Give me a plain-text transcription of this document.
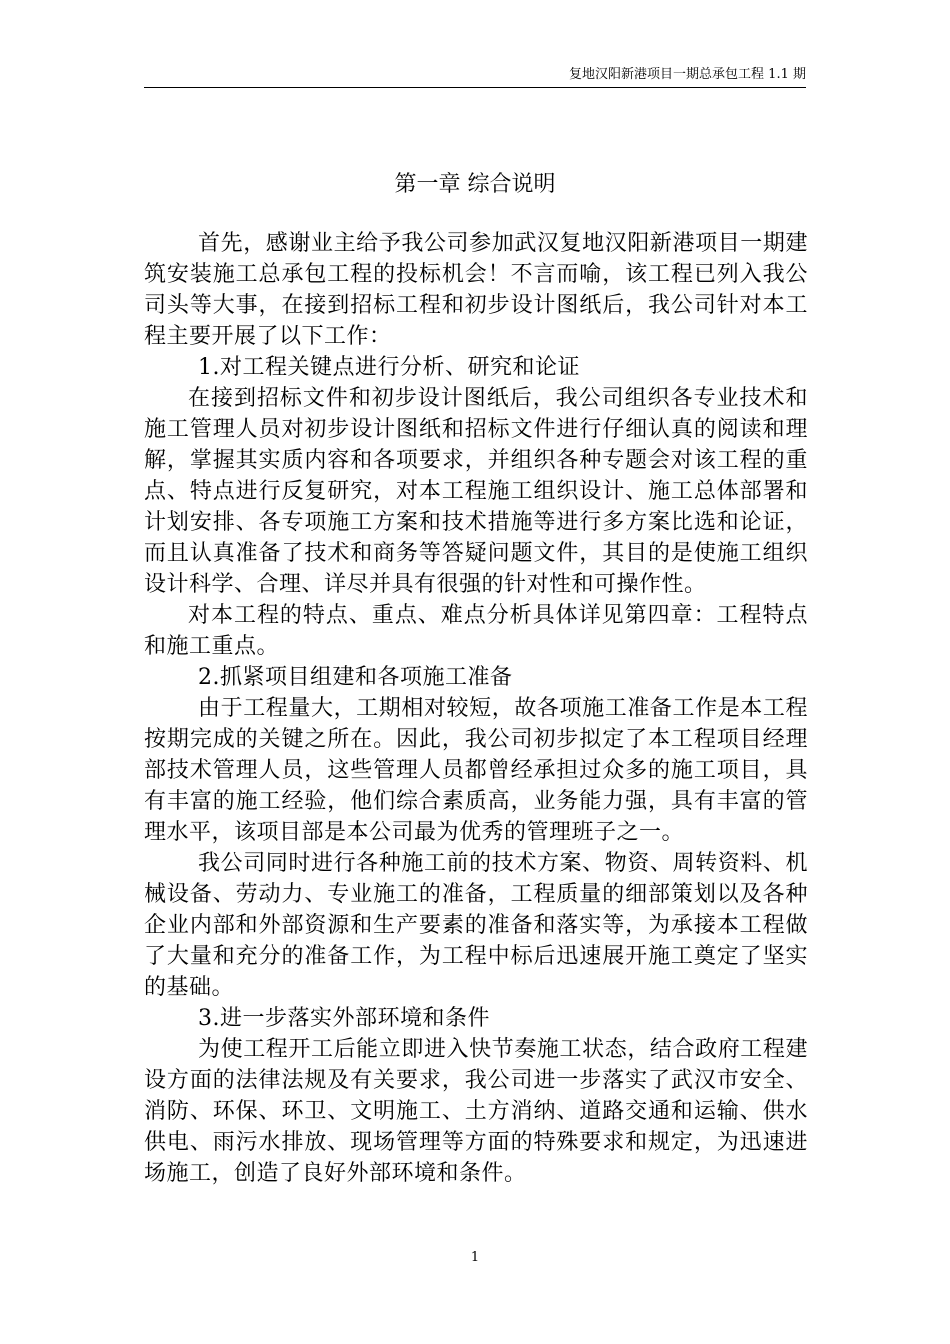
复地汉阳新港项目一期总承包工程 1.1 期
第一章 综合说明

首先，感谢业主给予我公司参加武汉复地汉阳新港项目一期建筑安装施工总承包工程的投标机会！不言而喻，该工程已列入我公司头等大事，在接到招标工程和初步设计图纸后，我公司针对本工程主要开展了以下工作：

1.对工程关键点进行分析、研究和论证

在接到招标文件和初步设计图纸后，我公司组织各专业技术和施工管理人员对初步设计图纸和招标文件进行仔细认真的阅读和理解，掌握其实质内容和各项要求，并组织各种专题会对该工程的重点、特点进行反复研究，对本工程施工组织设计、施工总体部署和计划安排、各专项施工方案和技术措施等进行多方案比选和论证，而且认真准备了技术和商务等答疑问题文件，其目的是使施工组织设计科学、合理、详尽并具有很强的针对性和可操作性。

对本工程的特点、重点、难点分析具体详见第四章：工程特点和施工重点。

2.抓紧项目组建和各项施工准备

由于工程量大，工期相对较短，故各项施工准备工作是本工程按期完成的关键之所在。因此，我公司初步拟定了本工程项目经理部技术管理人员，这些管理人员都曾经承担过众多的施工项目，具有丰富的施工经验，他们综合素质高，业务能力强，具有丰富的管理水平，该项目部是本公司最为优秀的管理班子之一。

我公司同时进行各种施工前的技术方案、物资、周转资料、机械设备、劳动力、专业施工的准备，工程质量的细部策划以及各种企业内部和外部资源和生产要素的准备和落实等，为承接本工程做了大量和充分的准备工作，为工程中标后迅速展开施工奠定了坚实的基础。

3.进一步落实外部环境和条件

为使工程开工后能立即进入快节奏施工状态，结合政府工程建设方面的法律法规及有关要求，我公司进一步落实了武汉市安全、消防、环保、环卫、文明施工、土方消纳、道路交通和运输、供水供电、雨污水排放、现场管理等方面的特殊要求和规定，为迅速进场施工，创造了良好外部环境和条件。

1
